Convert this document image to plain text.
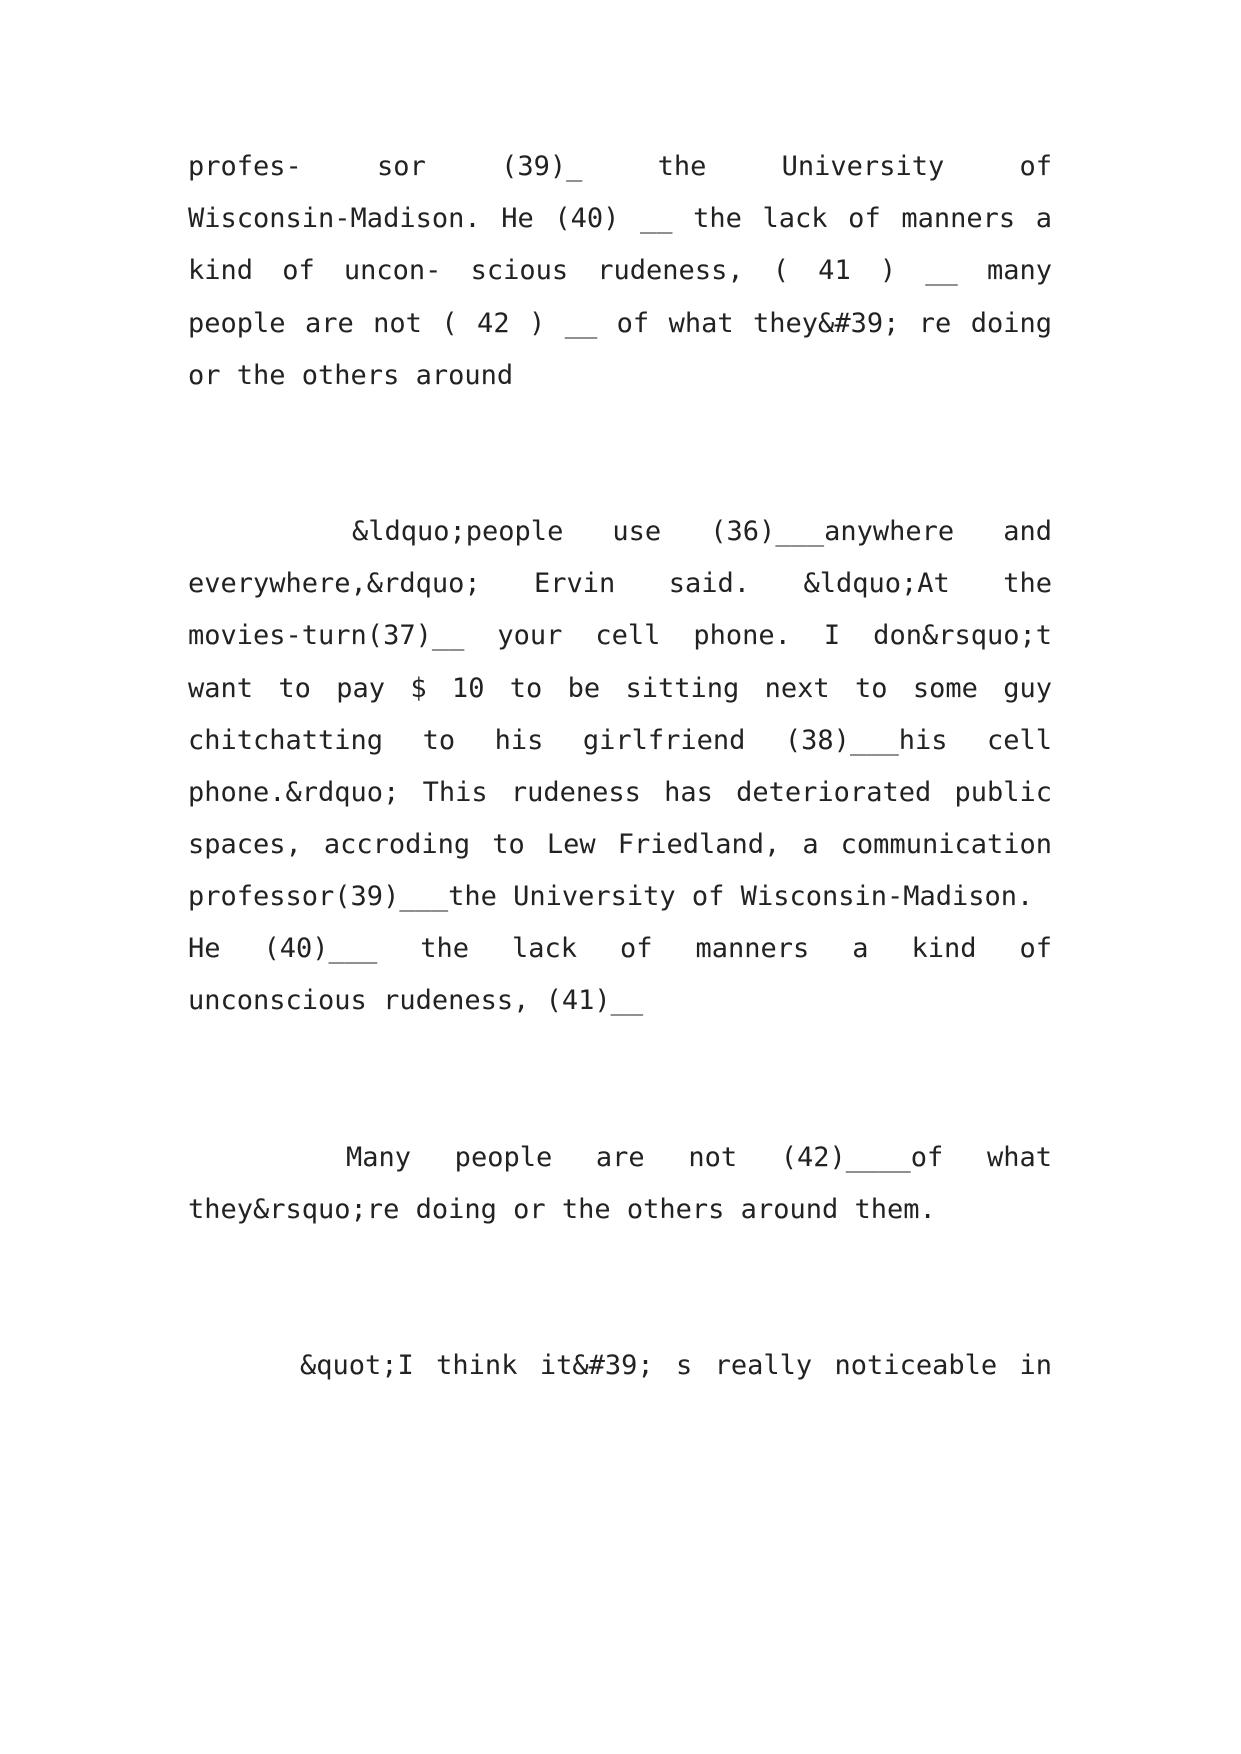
profes- sor (39)_ the University of
Wisconsin-Madison. He (40) __ the lack of manners a
kind of uncon- scious rudeness, ( 41 ) __ many
people are not ( 42 ) __ of what they&#39; re doing
or the others around
&ldquo;people use (36)___anywhere and
everywhere,&rdquo; Ervin said. &ldquo;At the
movies-turn(37)__ your cell phone. I don&rsquo;t
want to pay $ 10 to be sitting next to some guy
chitchatting to his girlfriend (38)___his cell
phone.&rdquo; This rudeness has deteriorated public
spaces, accroding to Lew Friedland, a communication
professor(39)___the University of Wisconsin-Madison.
He (40)___ the lack of manners a kind of
unconscious rudeness, (41)__
Many people are not (42)____of what
they&rsquo;re doing or the others around them.
&quot;I think it&#39; s really noticeable in
